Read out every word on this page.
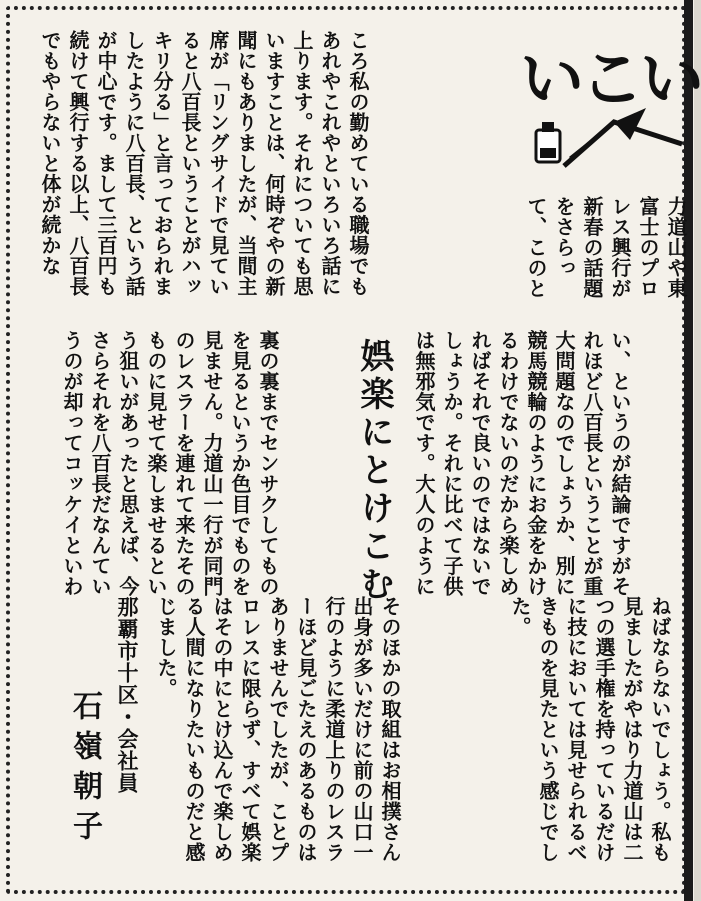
いこい

力道山や東

富士のプロ

レス興行が

新春の話題

をさらっ

て、このと

ころ私の勤めている職場でも

あれやこれやといろいろ話に

上ります。それについても思

いますことは、何時ぞやの新

聞にもありましたが、当間主

席が「リングサイドで見てい

ると八百長ということがハッ

キリ分る」と言っておられま

したように八百長、という話

が中心です。まして三百円も

続けて興行する以上、八百長

でもやらないと体が続かな

い、というのが結論ですがそ

れほど八百長ということが重

大問題なのでしょうか、別に

競馬競輪のようにお金をかけ

るわけでないのだから楽しめ

ればそれで良いのではないで

しょうか。それに比べて子供

は無邪気です。大人のように

娯楽にとけこむ

裏の裏までセンサクしてもの

を見るというか色目でものを

見ません。力道山一行が同門

のレスラーを連れて来たその

ものに見せて楽しませるとい

う狙いがあったと思えば、今

さらそれを八百長だなんてい

うのが却ってコッケイといわ

ねばならないでしょう。私も

見ましたがやはり力道山は二

つの選手権を持っているだけ

に技においては見せられるべ

きものを見たという感じでし

た。

そのほかの取組はお相撲さん

出身が多いだけに前の山口一

行のように柔道上りのレスラ

ーほど見ごたえのあるものは

ありませんでしたが、ことプ

ロレスに限らず、すべて娯楽

はその中にとけ込んで楽しめ

る人間になりたいものだと感

じました。

那覇市十区・会社員
石嶺朝子
